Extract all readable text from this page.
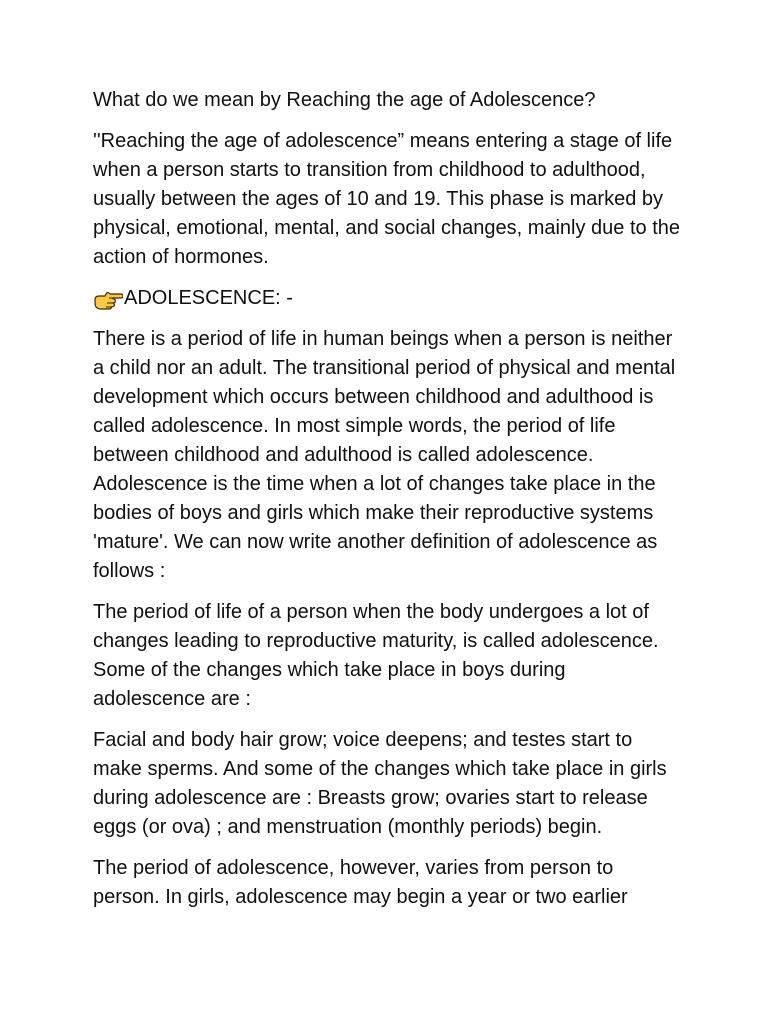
What do we mean by Reaching the age of Adolescence?

''Reaching the age of adolescence” means entering a stage of life when a person starts to transition from childhood to adulthood, usually between the ages of 10 and 19. This phase is marked by physical, emotional, mental, and social changes, mainly due to the action of hormones.

ADOLESCENCE: -

There is a period of life in human beings when a person is neither a child nor an adult. The transitional period of physical and mental development which occurs between childhood and adulthood is called adolescence. In most simple words, the period of life between childhood and adulthood is called adolescence. Adolescence is the time when a lot of changes take place in the bodies of boys and girls which make their reproductive systems 'mature'. We can now write another definition of adolescence as follows :

The period of life of a person when the body undergoes a lot of changes leading to reproductive maturity, is called adolescence. Some of the changes which take place in boys during adolescence are :

Facial and body hair grow; voice deepens; and testes start to make sperms. And some of the changes which take place in girls during adolescence are : Breasts grow; ovaries start to release eggs (or ova) ; and menstruation (monthly periods) begin.

The period of adolescence, however, varies from person to person. In girls, adolescence may begin a year or two earlier
